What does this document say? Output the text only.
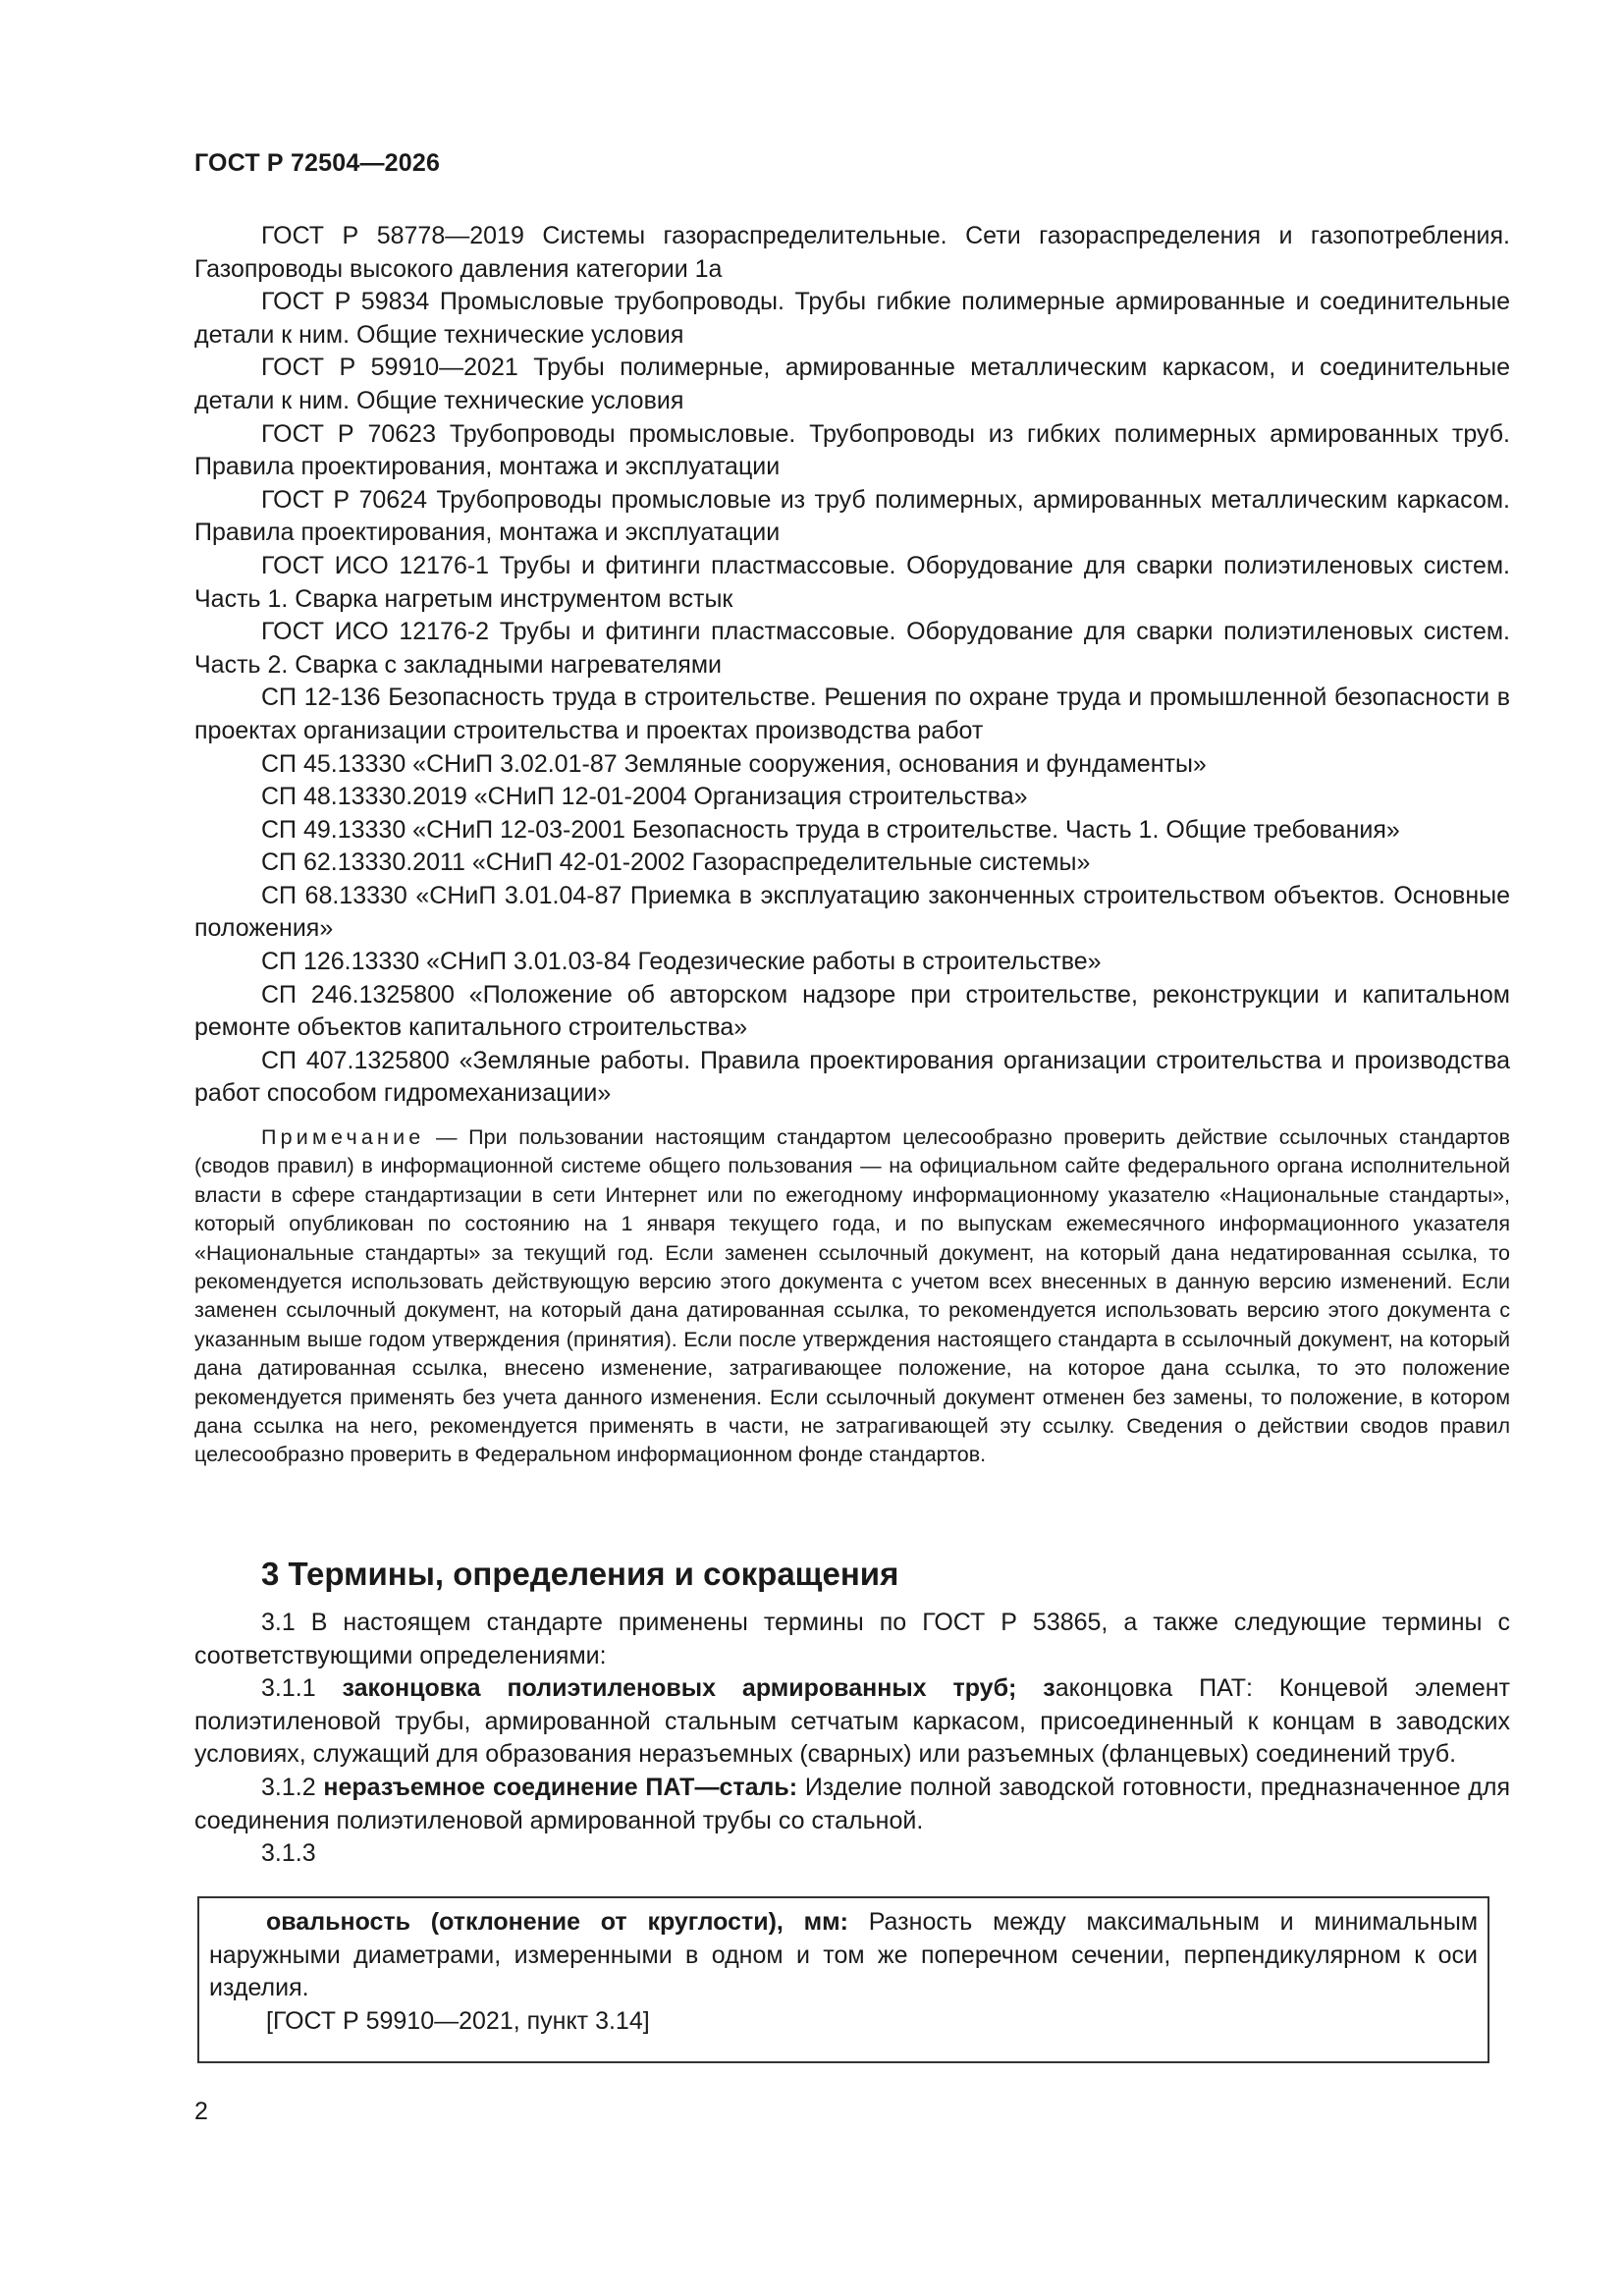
ГОСТ Р 72504—2026

ГОСТ Р 58778—2019 Системы газораспределительные. Сети газораспределения и газопотребления. Газопроводы высокого давления категории 1а

ГОСТ Р 59834 Промысловые трубопроводы. Трубы гибкие полимерные армированные и соединительные детали к ним. Общие технические условия

ГОСТ Р 59910—2021 Трубы полимерные, армированные металлическим каркасом, и соединительные детали к ним. Общие технические условия

ГОСТ Р 70623 Трубопроводы промысловые. Трубопроводы из гибких полимерных армированных труб. Правила проектирования, монтажа и эксплуатации

ГОСТ Р 70624 Трубопроводы промысловые из труб полимерных, армированных металлическим каркасом. Правила проектирования, монтажа и эксплуатации

ГОСТ ИСО 12176-1 Трубы и фитинги пластмассовые. Оборудование для сварки полиэтиленовых систем. Часть 1. Сварка нагретым инструментом встык

ГОСТ ИСО 12176-2 Трубы и фитинги пластмассовые. Оборудование для сварки полиэтиленовых систем. Часть 2. Сварка с закладными нагревателями

СП 12-136 Безопасность труда в строительстве. Решения по охране труда и промышленной безопасности в проектах организации строительства и проектах производства работ

СП 45.13330 «СНиП 3.02.01-87 Земляные сооружения, основания и фундаменты»

СП 48.13330.2019 «СНиП 12-01-2004 Организация строительства»

СП 49.13330 «СНиП 12-03-2001 Безопасность труда в строительстве. Часть 1. Общие требования»

СП 62.13330.2011 «СНиП 42-01-2002 Газораспределительные системы»

СП 68.13330 «СНиП 3.01.04-87 Приемка в эксплуатацию законченных строительством объектов. Основные положения»

СП 126.13330 «СНиП 3.01.03-84 Геодезические работы в строительстве»

СП 246.1325800 «Положение об авторском надзоре при строительстве, реконструкции и капитальном ремонте объектов капитального строительства»

СП 407.1325800 «Земляные работы. Правила проектирования организации строительства и производства работ способом гидромеханизации»

Примечание — При пользовании настоящим стандартом целесообразно проверить действие ссылочных стандартов (сводов правил) в информационной системе общего пользования — на официальном сайте федерального органа исполнительной власти в сфере стандартизации в сети Интернет или по ежегодному информационному указателю «Национальные стандарты», который опубликован по состоянию на 1 января текущего года, и по выпускам ежемесячного информационного указателя «Национальные стандарты» за текущий год. Если заменен ссылочный документ, на который дана недатированная ссылка, то рекомендуется использовать действующую версию этого документа с учетом всех внесенных в данную версию изменений. Если заменен ссылочный документ, на который дана датированная ссылка, то рекомендуется использовать версию этого документа с указанным выше годом утверждения (принятия). Если после утверждения настоящего стандарта в ссылочный документ, на который дана датированная ссылка, внесено изменение, затрагивающее положение, на которое дана ссылка, то это положение рекомендуется применять без учета данного изменения. Если ссылочный документ отменен без замены, то положение, в котором дана ссылка на него, рекомендуется применять в части, не затрагивающей эту ссылку. Сведения о действии сводов правил целесообразно проверить в Федеральном информационном фонде стандартов.

3 Термины, определения и сокращения

3.1 В настоящем стандарте применены термины по ГОСТ Р 53865, а также следующие термины с соответствующими определениями:

3.1.1 законцовка полиэтиленовых армированных труб; законцовка ПАТ: Концевой элемент полиэтиленовой трубы, армированной стальным сетчатым каркасом, присоединенный к концам в заводских условиях, служащий для образования неразъемных (сварных) или разъемных (фланцевых) соединений труб.

3.1.2 неразъемное соединение ПАТ—сталь: Изделие полной заводской готовности, предназначенное для соединения полиэтиленовой армированной трубы со стальной.

3.1.3

овальность (отклонение от круглости), мм: Разность между максимальным и минимальным наружными диаметрами, измеренными в одном и том же поперечном сечении, перпендикулярном к оси изделия.

[ГОСТ Р 59910—2021, пункт 3.14]

2
